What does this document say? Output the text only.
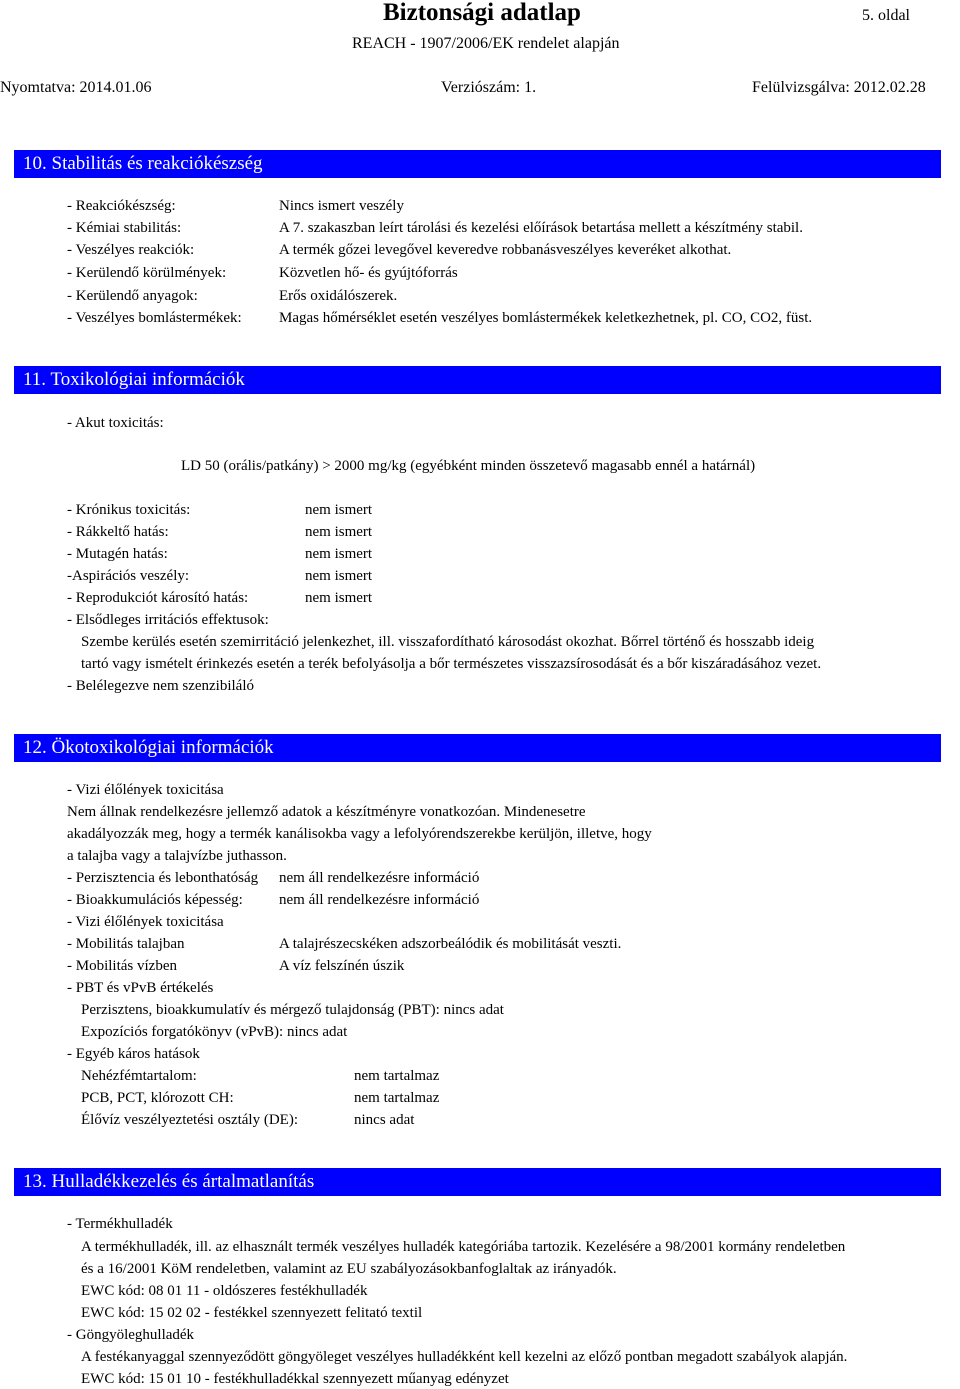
Biztonsági adatlap	5. oldal
REACH - 1907/2006/EK rendelet alapján
Nyomtatva: 2014.01.06	Verziószám: 1.	Felülvizsgálva: 2012.02.28
10. Stabilitás és reakciókészség
- Reakciókészség:	Nincs ismert veszély
- Kémiai stabilitás:	A 7. szakaszban leírt tárolási és kezelési előírások betartása mellett a készítmény stabil.
- Veszélyes reakciók:	A termék gőzei levegővel keveredve robbanásveszélyes keveréket alkothat.
- Kerülendő körülmények:	Közvetlen hő- és gyújtóforrás
- Kerülendő anyagok:	Erős oxidálószerek.
- Veszélyes bomlástermékek: Magas hőmérséklet esetén veszélyes bomlástermékek keletkezhetnek, pl. CO, CO2, füst.
11. Toxikológiai információk
- Akut toxicitás:
LD 50 (orális/patkány) > 2000 mg/kg (egyébként minden összetevő magasabb ennél a határnál)
- Krónikus toxicitás:	nem ismert
- Rákkeltő hatás:	nem ismert
- Mutagén hatás:	nem ismert
-Aspirációs veszély:	nem ismert
- Reprodukciót károsító hatás:	nem ismert
- Elsődleges irritációs effektusok:
Szembe kerülés esetén szemirritáció jelenkezhet, ill. visszafordítható károsodást okozhat. Bőrrel történő és hosszabb ideig
tartó vagy ismételt érinkezés esetén a terék befolyásolja a bőr természetes visszazsírosodását és a bőr kiszáradásához vezet.
- Belélegezve nem szenzibiláló
12. Ökotoxikológiai információk
- Vizi élőlények toxicitása
Nem állnak rendelkezésre jellemző adatok a készítményre vonatkozóan. Mindenesetre
akadályozzák meg, hogy a termék kanálisokba vagy a lefolyórendszerekbe kerüljön, illetve, hogy
a talajba vagy a talajvízbe juthasson.
- Perzisztencia és lebonthatóság nem áll rendelkezésre információ
- Bioakkumulációs képesség: nem áll rendelkezésre információ
- Vizi élőlények toxicitása
- Mobilitás talajban	A talajrészecskéken adszorbeálódik és mobilitását veszti.
- Mobilitás vízben	A víz felszínén úszik
- PBT és vPvB értékelés
Perzisztens, bioakkumulatív és mérgező tulajdonság (PBT): nincs adat
Expozíciós forgatókönyv (vPvB): nincs adat
- Egyéb káros hatások
Nehézfémtartalom:	nem tartalmaz
PCB, PCT, klórozott CH:	nem tartalmaz
Élővíz veszélyeztetési osztály (DE):	nincs adat
13. Hulladékkezelés és ártalmatlanítás
- Termékhulladék
A termékhulladék, ill. az elhasznált termék veszélyes hulladék kategóriába tartozik. Kezelésére a 98/2001 kormány rendeletben
és a 16/2001 KöM rendeletben, valamint az EU szabályozásokbanfoglaltak az irányadók.
EWC kód: 08 01 11 - oldószeres festékhulladék
EWC kód: 15 02 02 - festékkel szennyezett felitató textil
- Göngyöleghulladék
A festékanyaggal szennyeződött göngyöleget veszélyes hulladékként kell kezelni az előző pontban megadott szabályok alapján.
EWC kód: 15 01 10 - festékhulladékkal szennyezett műanyag edényzet
